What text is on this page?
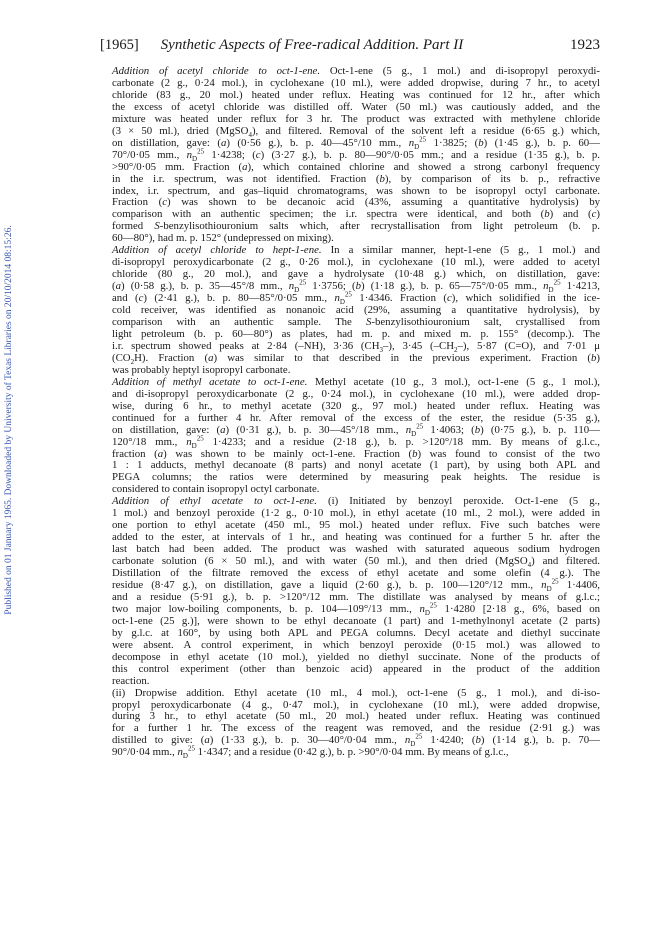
Published on 01 January 1965. Downloaded by University of Texas Libraries on 20/10/2014 08:15:26.
[1965] Synthetic Aspects of Free-radical Addition. Part II	1923

Addition of acetyl chloride to oct-1-ene. Oct-1-ene (5 g., 1 mol.) and di-isopropyl peroxydi-
carbonate (2 g., 0·24 mol.), in cyclohexane (10 ml.), were added dropwise, during 7 hr., to acetyl
chloride (83 g., 20 mol.) heated under reflux. Heating was continued for 12 hr., after which
the excess of acetyl chloride was distilled off. Water (50 ml.) was cautiously added, and the
mixture was heated under reflux for 3 hr. The product was extracted with methylene chloride
(3 × 50 ml.), dried (MgSO$_4$), and filtered. Removal of the solvent left a residue (6·65 g.) which,
on distillation, gave: (a) (0·56 g.), b. p. 40—45°/10 mm., $n_D^{25}$ 1·3825; (b) (1·45 g.), b. p. 60—
70°/0·05 mm., $n_D^{25}$ 1·4238; (c) (3·27 g.), b. p. 80—90°/0·05 mm.; and a residue (1·35 g.), b. p.
>90°/0·05 mm. Fraction (a), which contained chlorine and showed a strong carbonyl frequency
in the i.r. spectrum, was not identified. Fraction (b), by comparison of its b. p., refractive
index, i.r. spectrum, and gas–liquid chromatograms, was shown to be isopropyl octyl carbonate.
Fraction (c) was shown to be decanoic acid (43%, assuming a quantitative hydrolysis) by
comparison with an authentic specimen; the i.r. spectra were identical, and both (b) and (c)
formed S-benzylisothiouronium salts which, after recrystallisation from light petroleum (b. p.
60—80°), had m. p. 152° (undepressed on mixing).

Addition of acetyl chloride to hept-1-ene. In a similar manner, hept-1-ene (5 g., 1 mol.) and
di-isopropyl peroxydicarbonate (2 g., 0·26 mol.), in cyclohexane (10 ml.), were added to acetyl
chloride (80 g., 20 mol.), and gave a hydrolysate (10·48 g.) which, on distillation, gave:
(a) (0·58 g.), b. p. 35—45°/8 mm., $n_D^{25}$ 1·3756; (b) (1·18 g.), b. p. 65—75°/0·05 mm., $n_D^{25}$ 1·4213,
and (c) (2·41 g.), b. p. 80—85°/0·05 mm., $n_D^{25}$ 1·4346. Fraction (c), which solidified in the ice-
cold receiver, was identified as nonanoic acid (29%, assuming a quantitative hydrolysis), by
comparison with an authentic sample. The S-benzylisothiouronium salt, crystallised from
light petroleum (b. p. 60—80°) as plates, had m. p. and mixed m. p. 155° (decomp.). The
i.r. spectrum showed peaks at 2·84 (–NH), 3·36 $(CH_3-)$, 3·45 $(-CH_2-)$, 5·87 (C=O), and 7·01 μ
$(CO_2H)$. Fraction (a) was similar to that described in the previous experiment. Fraction (b)
was probably heptyl isopropyl carbonate.

Addition of methyl acetate to oct-1-ene. Methyl acetate (10 g., 3 mol.), oct-1-ene (5 g., 1 mol.),
and di-isopropyl peroxydicarbonate (2 g., 0·24 mol.), in cyclohexane (10 ml.), were added drop-
wise, during 6 hr., to methyl acetate (320 g., 97 mol.) heated under reflux. Heating was
continued for a further 4 hr. After removal of the excess of the ester, the residue (5·35 g.),
on distillation, gave: (a) (0·31 g.), b. p. 30—45°/18 mm., $n_D^{25}$ 1·4063; (b) (0·75 g.), b. p. 110—
120°/18 mm., $n_D^{25}$ 1·4233; and a residue (2·18 g.), b. p. >120°/18 mm. By means of g.l.c.,
fraction (a) was shown to be mainly oct-1-ene. Fraction (b) was found to consist of the two
1 : 1 adducts, methyl decanoate (8 parts) and nonyl acetate (1 part), by using both APL and
PEGA columns; the ratios were determined by measuring peak heights. The residue is
considered to contain isopropyl octyl carbonate.

Addition of ethyl acetate to oct-1-ene. (i) Initiated by benzoyl peroxide. Oct-1-ene (5 g.,
1 mol.) and benzoyl peroxide (1·2 g., 0·10 mol.), in ethyl acetate (10 ml., 2 mol.), were added in
one portion to ethyl acetate (450 ml., 95 mol.) heated under reflux. Five such batches were
added to the ester, at intervals of 1 hr., and heating was continued for a further 5 hr. after the
last batch had been added. The product was washed with saturated aqueous sodium hydrogen
carbonate solution (6 × 50 ml.), and with water (50 ml.), and then dried (MgSO$_4$) and filtered.
Distillation of the filtrate removed the excess of ethyl acetate and some olefin (4 g.). The
residue (8·47 g.), on distillation, gave a liquid (2·60 g.), b. p. 100—120°/12 mm., $n_D^{25}$ 1·4406,
and a residue (5·91 g.), b. p. >120°/12 mm. The distillate was analysed by means of g.l.c.;
two major low-boiling components, b. p. 104—109°/13 mm., $n_D^{25}$ 1·4280 [2·18 g., 6%, based on
oct-1-ene (25 g.)], were shown to be ethyl decanoate (1 part) and 1-methylnonyl acetate (2 parts)
by g.l.c. at 160°, by using both APL and PEGA columns. Decyl acetate and diethyl succinate
were absent. A control experiment, in which benzoyl peroxide (0·15 mol.) was allowed to
decompose in ethyl acetate (10 mol.), yielded no diethyl succinate. None of the products of
this control experiment (other than benzoic acid) appeared in the product of the addition
reaction.

(ii) Dropwise addition. Ethyl acetate (10 ml., 4 mol.), oct-1-ene (5 g., 1 mol.), and di-iso-
propyl peroxydicarbonate (4 g., 0·47 mol.), in cyclohexane (10 ml.), were added dropwise,
during 3 hr., to ethyl acetate (50 ml., 20 mol.) heated under reflux. Heating was continued
for a further 1 hr. The excess of the reagent was removed, and the residue (2·91 g.) was
distilled to give: (a) (1·33 g.), b. p. 30—40°/0·04 mm., $n_D^{25}$ 1·4240; (b) (1·14 g.), b. p. 70—
90°/0·04 mm., $n_D^{25}$ 1·4347; and a residue (0·42 g.), b. p. >90°/0·04 mm. By means of g.l.c.,
